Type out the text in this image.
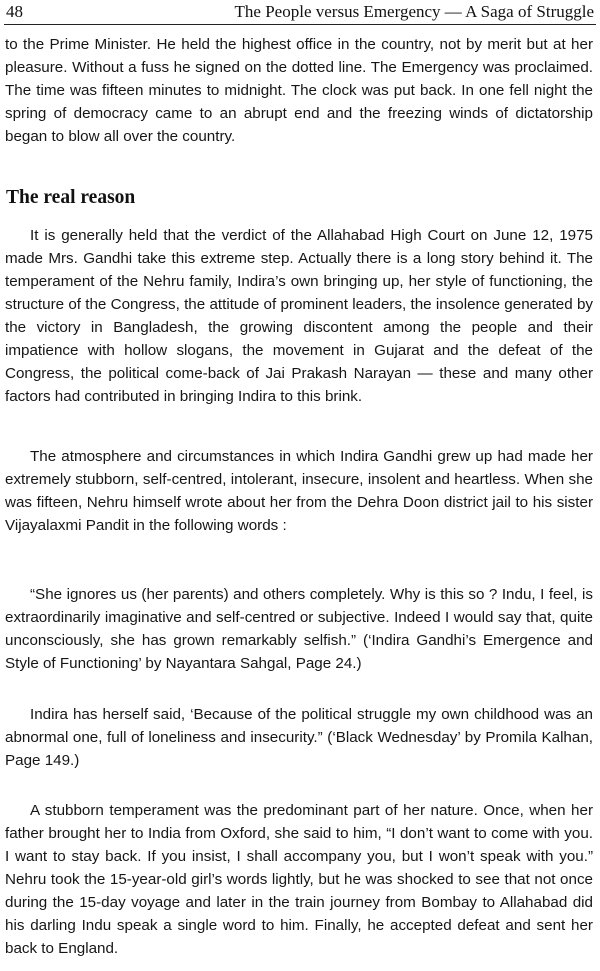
48	The People versus Emergency — A Saga of Struggle

to the Prime Minister. He held the highest office in the country, not by merit but at her pleasure. Without a fuss he signed on the dotted line. The Emergency was proclaimed. The time was fifteen minutes to midnight. The clock was put back. In one fell night the spring of democracy came to an abrupt end and the freezing winds of dictatorship began to blow all over the country.

The real reason

It is generally held that the verdict of the Allahabad High Court on June 12, 1975 made Mrs. Gandhi take this extreme step. Actually there is a long story behind it. The temperament of the Nehru family, Indira’s own bringing up, her style of functioning, the structure of the Congress, the attitude of prominent leaders, the insolence generated by the victory in Bangladesh, the growing discontent among the people and their impatience with hollow slogans, the movement in Gujarat and the defeat of the Congress, the political come-back of Jai Prakash Narayan — these and many other factors had contributed in bringing Indira to this brink.

The atmosphere and circumstances in which Indira Gandhi grew up had made her extremely stubborn, self-centred, intolerant, insecure, insolent and heartless. When she was fifteen, Nehru himself wrote about her from the Dehra Doon district jail to his sister Vijayalaxmi Pandit in the following words :

“She ignores us (her parents) and others completely. Why is this so ? Indu, I feel, is extraordinarily imaginative and self-centred or subjective. Indeed I would say that, quite unconsciously, she has grown remarkably selfish.” (‘Indira Gandhi’s Emergence and Style of Functioning’ by Nayantara Sahgal, Page 24.)

Indira has herself said, ‘Because of the political struggle my own childhood was an abnormal one, full of loneliness and insecurity.” (‘Black Wednesday’ by Promila Kalhan, Page 149.)

A stubborn temperament was the predominant part of her nature. Once, when her father brought her to India from Oxford, she said to him, “I don’t want to come with you. I want to stay back. If you insist, I shall accompany you, but I won’t speak with you.” Nehru took the 15-year-old girl’s words lightly, but he was shocked to see that not once during the 15-day voyage and later in the train journey from Bombay to Allahabad did his darling Indu speak a single word to him. Finally, he accepted defeat and sent her back to England.
